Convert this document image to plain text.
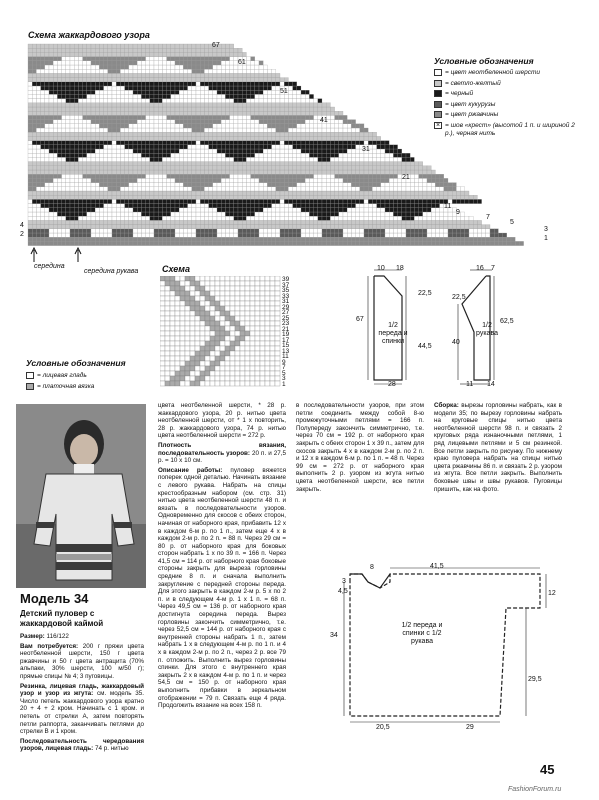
Схема жаккардового узора
4
2
67
61
51
41
31
21
11
9
7
5
3
1
середина
середина рукава
Условные обозначения
= цвет неотбеленной шерсти
= светло-желтый
= черный
= цвет кукурузы
= цвет ржавчины
× = шов «крест» (высотой 1 п. и шириной 2 р.), черная нить
Схема
39
37
35
33
31
29
27
25
23
21
19
17
15
13
11
9
7
5
3
1
Условные обозначения
= лицевая гладь
= платочная вязка
10 18
22,5
67
44,5
28
1/2 переда и спинки
16 7
22,5
62,5
40
11 14
1/2 рукава
Модель 34
Детский пуловер с жаккардовой каймой

Размер: 116/122

Вам потребуется: 200 г пряжи цвета неотбеленной шерсти, 150 г цвета ржавчины и 50 г цвета антрацита (70% альпаки, 30% шерсти, 100 м/50 г); прямые спицы № 4; 3 пуговицы.

Резинка, лицевая гладь, жаккардовый узор и узор из жгута: см. модель 35. Число петель жаккардового узора кратно 20 + 4 + 2 кром. Начинать с 1 кром. и петель от стрелки А, затем повторять петли раппорта, заканчивать петлями до стрелки В и 1 кром.

Последовательность чередования узоров, лицевая гладь: 74 р. нитью

цвета неотбеленной шерсти, * 28 р. жаккардового узора, 20 р. нитью цвета неотбеленной шерсти, от * 1 х повторить, 28 р. жаккардового узора, 74 р. нитью цвета неотбеленной шерсти = 272 р.

Плотность вязания, последовательность узоров: 20 п. и 27,5 р. = 10 х 10 см.

Описание работы: пуловер вяжется поперек одной деталью. Начинать вязание с левого рукава. Набрать на спицы крестообразным набором (см. стр. 31) нитью цвета неотбеленной шерсти 48 п. и вязать в последовательности узоров. Одновременно для скосов с обеих сторон, начиная от наборного края, прибавить 12 х в каждом 6-м р. по 1 п., затем еще 4 х в каждом 2-м р. по 2 п. = 88 п. Через 29 см = 80 р. от наборного края для боковых сторон набрать 1 х по 39 п. = 166 п. Через 41,5 см = 114 р. от наборного края боковые стороны закрыть для выреза горловины средние 8 п. и сначала выполнить закругление с передней стороны переда. Для этого закрыть в каждом 2-м р. 5 х по 2 п. и в следующем 4-м р. 1 х 1 п. = 68 п. Через 49,5 см = 136 р. от наборного края достигнута середина переда. Вырез горловины закончить симметрично, т.е. через 52,5 см = 144 р. от наборного края с внутренней стороны набрать 1 п., затем набрать 1 х в следующем 4-м р. по 1 п. и 4 х в каждом 2-м р. по 2 п., через 2 р. все 79 п. отложить. Выполнить вырез горловины спинки. Для этого с внутреннего края закрыть 2 х в каждом 4-м р. по 1 п. и через 54,5 см = 150 р. от наборного края выполнить прибавки в зеркальном отображении = 79 п. Связать еще 4 ряда. Продолжить вязание на всех 158 п.

в последовательности узоров, при этом петли соединить между собой 8-ю промежуточными петлями = 166 п. Полупереду закончить симметрично, т.е. через 70 см = 192 р. от наборного края закрыть с обеих сторон 1 х 39 п., затем для скосов закрыть 4 х в каждом 2-м р. по 2 п. и 12 х в каждом 6-м р. по 1 п. = 48 п. Через 99 см = 272 р. от наборного края выполнить 2 р. узором из жгута нитью цвета неотбеленной шерсти, все петли закрыть.

Сборка: вырезы горловины набрать, как в модели 35; по вырезу горловины набрать на круговые спицы нитью цвета неотбеленной шерсти 98 п. и связать 2 круговых ряда изнаночными петлями, 1 ряд лицевыми петлями и 5 см резинкой. Все петли закрыть по рисунку. По нижнему краю пуловера набрать на спицы нитью цвета ржавчины 86 п. и связать 2 р. узором из жгута. Все петли закрыть. Выполнить боковые швы и швы рукавов. Пуговицы пришить, как на фото.

41,5
3
4,5
8
12
29,5
34
20,5	29
1/2 переда и спинки с 1/2 рукава
45
FashionForum.ru
